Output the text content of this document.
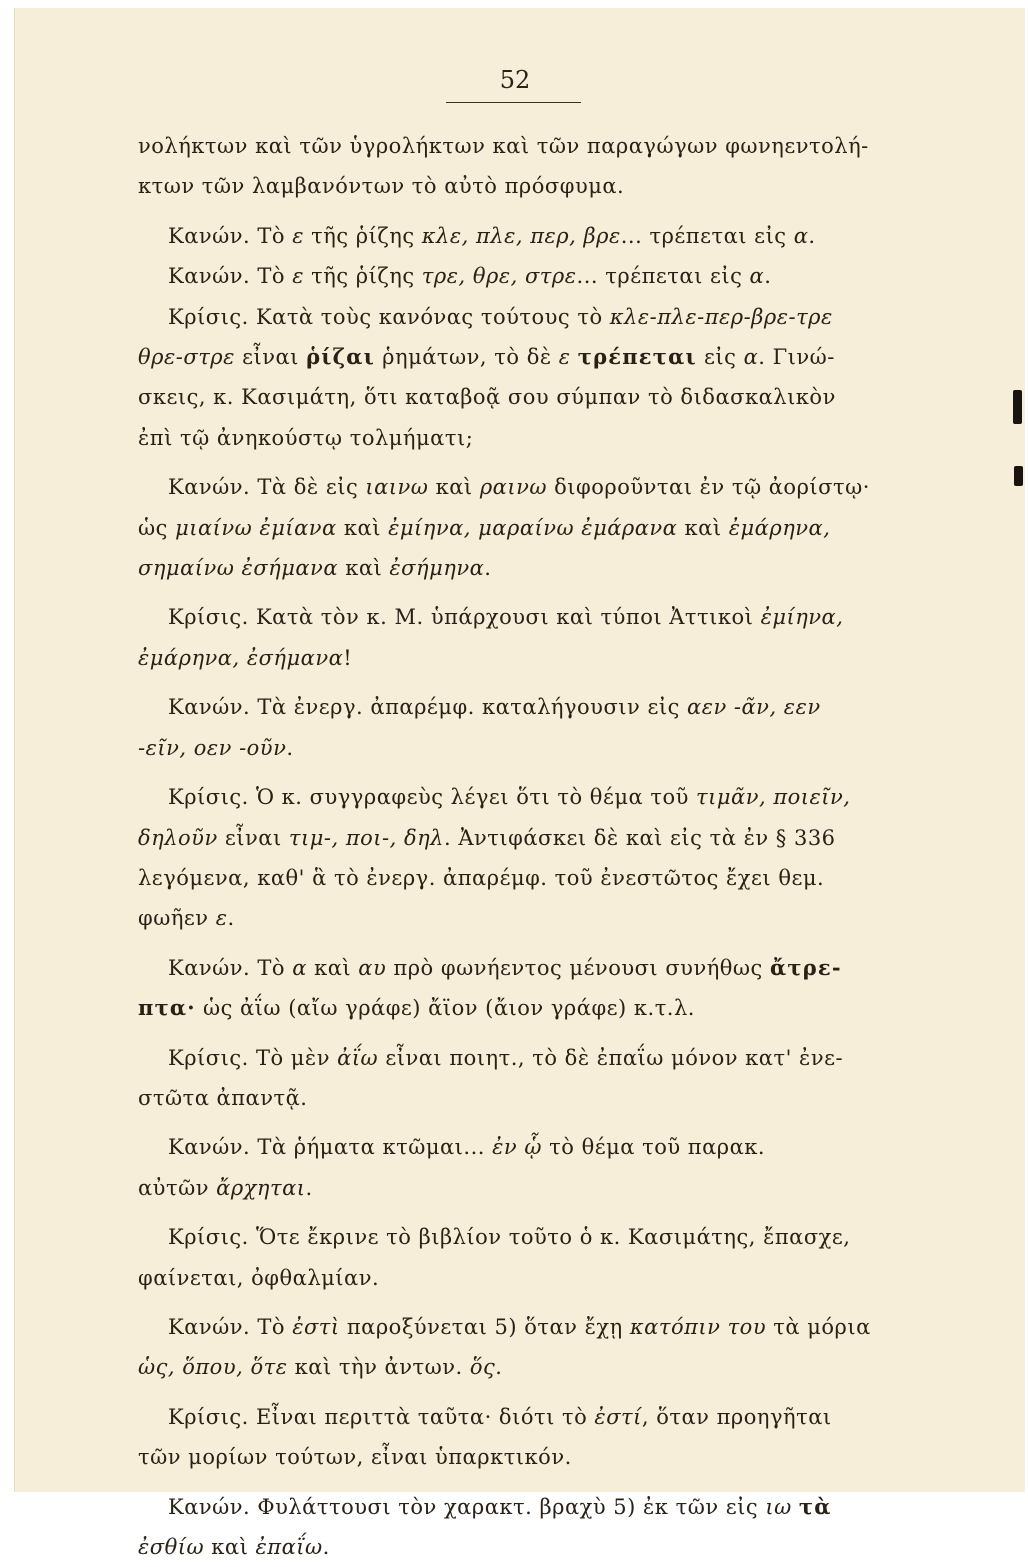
52
νολήκτων καὶ τῶν ὑγρολήκτων καὶ τῶν παραγώγων φωνηεντολή-
κτων τῶν λαμβανόντων τὸ αὐτὸ πρόσφυμα.
Κανών. Τὸ ε τῆς ῥίζης κλε, πλε, περ, βρε... τρέπεται εἰς α.
Κανών. Τὸ ε τῆς ῥίζης τρε, θρε, στρε... τρέπεται εἰς α.
Κρίσις. Κατὰ τοὺς κανόνας τούτους τὸ κλε-πλε-περ-βρε-τρε
θρε-στρε εἶναι ῥίζαι ῥημάτων, τὸ δὲ ε τρέπεται εἰς α. Γινώ-
σκεις, κ. Κασιμάτη, ὅτι καταβοᾷ σου σύμπαν τὸ διδασκαλικὸν
ἐπὶ τῷ ἀνηκούστῳ τολμήματι;
Κανών. Τὰ δὲ εἰς ιαινω καὶ ραινω διφοροῦνται ἐν τῷ ἀορίστῳ·
ὡς μιαίνω ἐμίανα καὶ ἐμίηνα, μαραίνω ἐμάρανα καὶ ἐμάρηνα,
σημαίνω ἐσήμανα καὶ ἐσήμηνα.
Κρίσις. Κατὰ τὸν κ. Μ. ὑπάρχουσι καὶ τύποι Ἀττικοὶ ἐμίηνα,
ἐμάρηνα, ἐσήμανα!
Κανών. Τὰ ἐνεργ. ἀπαρέμφ. καταλήγουσιν εἰς αεν -ᾶν, εεν
-εῖν, οεν -οῦν.
Κρίσις. Ὁ κ. συγγραφεὺς λέγει ὅτι τὸ θέμα τοῦ τιμᾶν, ποιεῖν,
δηλοῦν εἶναι τιμ-, ποι-, δηλ. Ἀντιφάσκει δὲ καὶ εἰς τὰ ἐν § 336
λεγόμενα, καθ' ἃ τὸ ἐνεργ. ἀπαρέμφ. τοῦ ἐνεστῶτος ἔχει θεμ.
φωῆεν ε.
Κανών. Τὸ α καὶ αυ πρὸ φωνήεντος μένουσι συνήθως ἄτρε-
πτα· ὡς ἀΐω (αἴω γράφε) ἄϊον (ἄιον γράφε) κ.τ.λ.
Κρίσις. Τὸ μὲν ἀΐω εἶναι ποιητ., τὸ δὲ ἐπαΐω μόνον κατ' ἐνε-
στῶτα ἀπαντᾷ.
Κανών. Τὰ ῥήματα κτῶμαι... ἐν ᾧ τὸ θέμα τοῦ παρακ.
αὐτῶν ἄρχηται.
Κρίσις. Ὅτε ἔκρινε τὸ βιβλίον τοῦτο ὁ κ. Κασιμάτης, ἔπασχε,
φαίνεται, ὀφθαλμίαν.
Κανών. Τὸ ἐστὶ παροξύνεται 5) ὅταν ἔχῃ κατόπιν του τὰ μόρια
ὡς, ὅπου, ὅτε καὶ τὴν ἀντων. ὅς.
Κρίσις. Εἶναι περιττὰ ταῦτα· διότι τὸ ἐστί, ὅταν προηγῆται
τῶν μορίων τούτων, εἶναι ὑπαρκτικόν.
Κανών. Φυλάττουσι τὸν χαρακτ. βραχὺ 5) ἐκ τῶν εἰς ιω τὰ
ἐσθίω καὶ ἐπαΐω.
